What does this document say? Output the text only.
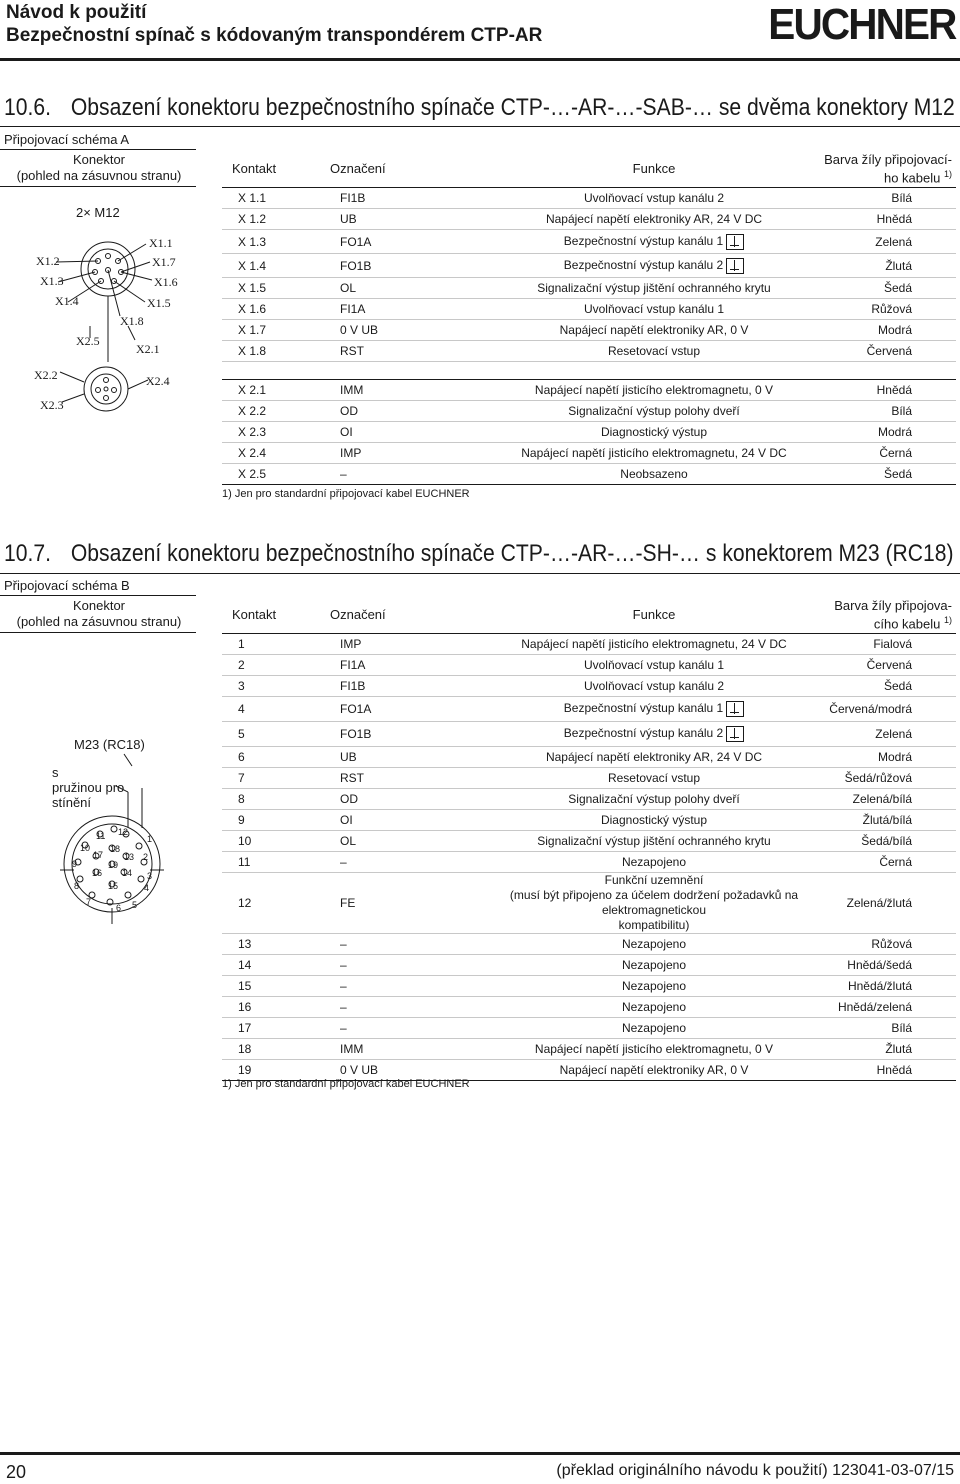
Návod k použití
Bezpečnostní spínač s kódovaným transpondérem CTP-AR	EUCHNER
10.6. Obsazení konektoru bezpečnostního spínače CTP-…-AR-…-SAB-… se dvěma konektory M12
Připojovací schéma A
Konektor
(pohled na zásuvnou stranu)
2× M12
X1.1
X1.2	X1.7
X1.3	X1.6
X1.4	X1.5
X1.8
X2.5
X2.1
X2.2	X2.4
X2.3
Kontakt	Označení	Funkce	Barva žíly připojovací-
ho kabelu $^{1)}$

X 1.1	FI1B	Uvolňovací vstup kanálu 2	Bílá
X 1.2	UB	Napájecí napětí elektroniky AR, 24 V DC	Hnědá
X 1.3	FO1A	Bezpečnostní výstup kanálu 1	Zelená
X 1.4	FO1B	Bezpečnostní výstup kanálu 2	Žlutá
X 1.5	OL	Signalizační výstup jištění ochranného krytu	Šedá
X 1.6	FI1A	Uvolňovací vstup kanálu 1	Růžová
X 1.7	0 V UB	Napájecí napětí elektroniky AR, 0 V	Modrá
X 1.8	RST	Resetovací vstup	Červená

X 2.1	IMM	Napájecí napětí jisticího elektromagnetu, 0 V	Hnědá
X 2.2	OD	Signalizační výstup polohy dveří	Bílá
X 2.3	OI	Diagnostický výstup	Modrá
X 2.4	IMP	Napájecí napětí jisticího elektromagnetu, 24 V DC	Černá
X 2.5	–	Neobsazeno	Šedá
1) Jen pro standardní připojovací kabel EUCHNER
10.7. Obsazení konektoru bezpečnostního spínače CTP-…-AR-…-SH-… s konektorem M23 (RC18)
Připojovací schéma B
Konektor
(pohled na zásuvnou stranu)
M23 (RC18)
s
pružinou pro
stínění
1
2
3
4
5
6
7
8
9
10
11 12
13
14
15
16
17
18
19
Kontakt	Označení	Funkce	Barva žíly připojova-
cího kabelu $^{1)}$

1	IMP	Napájecí napětí jisticího elektromagnetu, 24 V DC	Fialová
2	FI1A	Uvolňovací vstup kanálu 1	Červená
3	FI1B	Uvolňovací vstup kanálu 2	Šedá
4	FO1A	Bezpečnostní výstup kanálu 1	Červená/modrá
5	FO1B	Bezpečnostní výstup kanálu 2	Zelená
6	UB	Napájecí napětí elektroniky AR, 24 V DC	Modrá
7	RST	Resetovací vstup	Šedá/růžová
8	OD	Signalizační výstup polohy dveří	Zelená/bílá
9	OI	Diagnostický výstup	Žlutá/bílá
10	OL	Signalizační výstup jištění ochranného krytu	Šedá/bílá
11	–	Nezapojeno	Černá
12	FE	Funkční uzemnění
(musí být připojeno za účelem dodržení požadavků na elektromagnetickou
kompatibilitu)	Zelená/žlutá
13	–	Nezapojeno	Růžová
14	–	Nezapojeno	Hnědá/šedá
15	–	Nezapojeno	Hnědá/žlutá
16	–	Nezapojeno	Hnědá/zelená
17	–	Nezapojeno	Bílá
18	IMM	Napájecí napětí jisticího elektromagnetu, 0 V	Žlutá
19	0 V UB	Napájecí napětí elektroniky AR, 0 V	Hnědá
1) Jen pro standardní připojovací kabel EUCHNER
20	(překlad originálního návodu k použití) 123041-03-07/15
